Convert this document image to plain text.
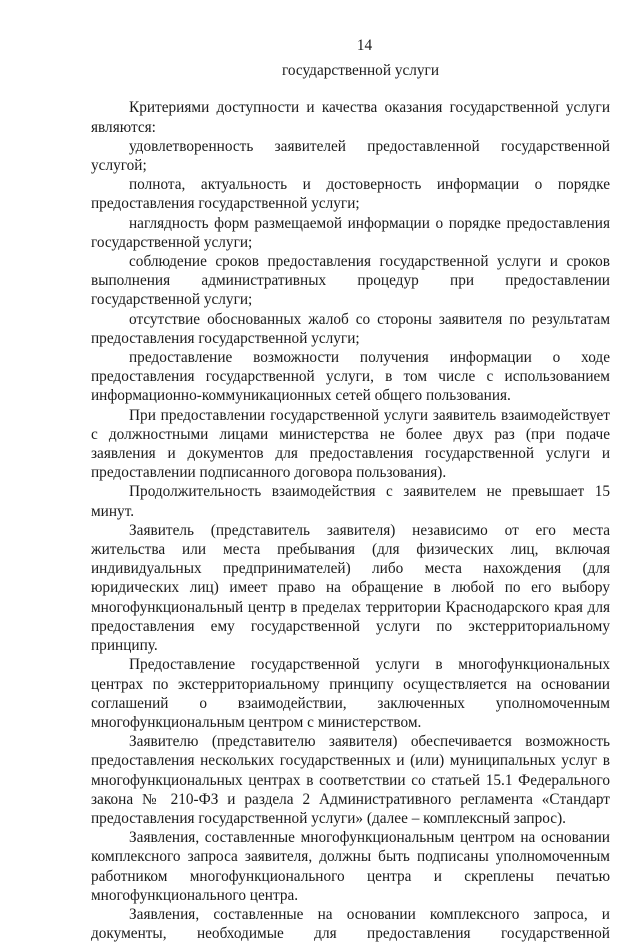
14
государственной услуги

Критериями доступности и качества оказания государственной услуги являются:

удовлетворенность заявителей предоставленной государственной услугой;

полнота, актуальность и достоверность информации о порядке предоставления государственной услуги;

наглядность форм размещаемой информации о порядке предоставления государственной услуги;

соблюдение сроков предоставления государственной услуги и сроков выполнения административных процедур при предоставлении государственной услуги;

отсутствие обоснованных жалоб со стороны заявителя по результатам предоставления государственной услуги;

предоставление возможности получения информации о ходе предоставления государственной услуги, в том числе с использованием информационно-коммуникационных сетей общего пользования.

При предоставлении государственной услуги заявитель взаимодействует с должностными лицами министерства не более двух раз (при подаче заявления и документов для предоставления государственной услуги и предоставлении подписанного договора пользования).

Продолжительность взаимодействия с заявителем не превышает 15 минут.

Заявитель (представитель заявителя) независимо от его места жительства или места пребывания (для физических лиц, включая индивидуальных предпринимателей) либо места нахождения (для юридических лиц) имеет право на обращение в любой по его выбору многофункциональный центр в пределах территории Краснодарского края для предоставления ему государственной услуги по экстерриториальному принципу.

Предоставление государственной услуги в многофункциональных центрах по экстерриториальному принципу осуществляется на основании соглашений о взаимодействии, заключенных уполномоченным многофункциональным центром с министерством.

Заявителю (представителю заявителя) обеспечивается возможность предоставления нескольких государственных и (или) муниципальных услуг в многофункциональных центрах в соответствии со статьей 15.1 Федерального закона № 210-ФЗ и раздела 2 Административного регламента «Стандарт предоставления государственной услуги» (далее – комплексный запрос).

Заявления, составленные многофункциональным центром на основании комплексного запроса заявителя, должны быть подписаны уполномоченным работником многофункционального центра и скреплены печатью многофункционального центра.

Заявления, составленные на основании комплексного запроса, и документы, необходимые для предоставления государственной
